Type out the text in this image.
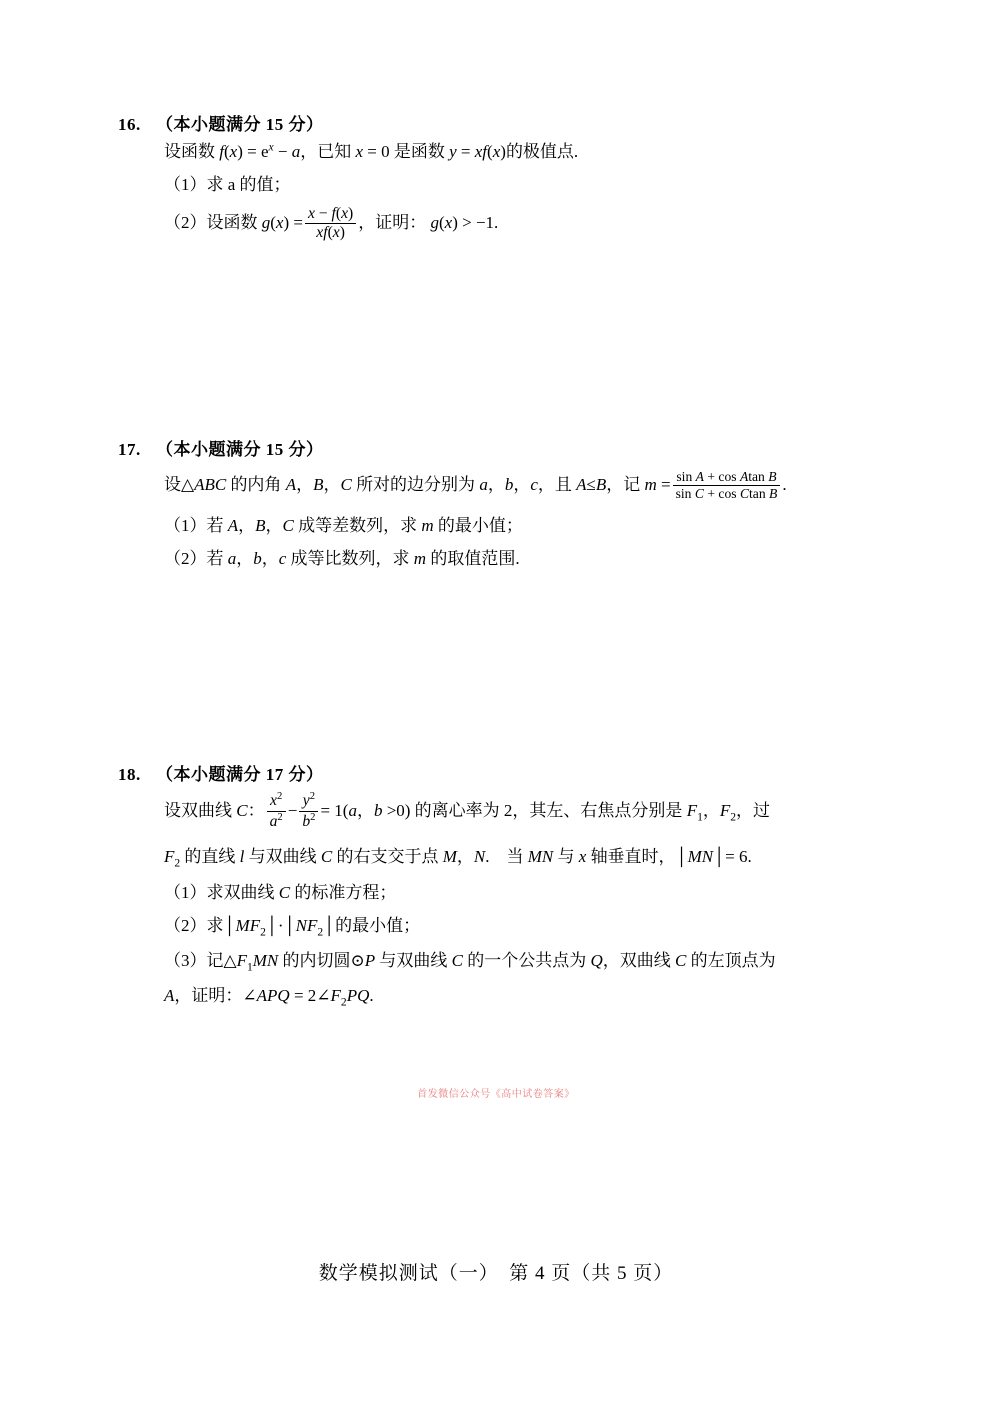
16. （本小题满分 15 分）
设函数 $f(x) = e^x - a$，已知 x = 0 是函数 y = xf(x)的极值点.
（1）求 a 的值；
（2）设函数 $g(x) = \frac{x - f(x)}{xf(x)}$ ，证明： g(x) > −1.
17. （本小题满分 15 分）
设△ABC 的内角 A，B，C 所对的边分别为 a，b，c，且 A≤B，记 $m = \frac{\text{sin A + cos Atan B}}{\text{sin C + cos Ctan B}}$ .
（1）若 A，B，C 成等差数列，求 m 的最小值；
（2）若 a，b，c 成等比数列，求 m 的取值范围.
18. （本小题满分 17 分）
设双曲线 C： $\frac{x^2}{a^2} - \frac{y^2}{b^2} = 1(a$，b >0) 的离心率为 2，其左、右焦点分别是 $F_1$，$F_2$，过
$F_2$ 的直线 l 与双曲线 C 的右支交于点 M，N.　当 MN 与 x 轴垂直时，│MN│= 6.
（1）求双曲线 C 的标准方程；
（2）求$│MF_2│\cdot│NF_2│$的最小值；
（3）记$\triangle F_1MN$ 的内切圆⊙P 与双曲线 C 的一个公共点为 Q，双曲线 C 的左顶点为
A，证明：∠APQ = $2\angle F_2PQ$.
首发微信公众号《高中试卷答案》
数学模拟测试（一）　第 4 页（共 5 页）
